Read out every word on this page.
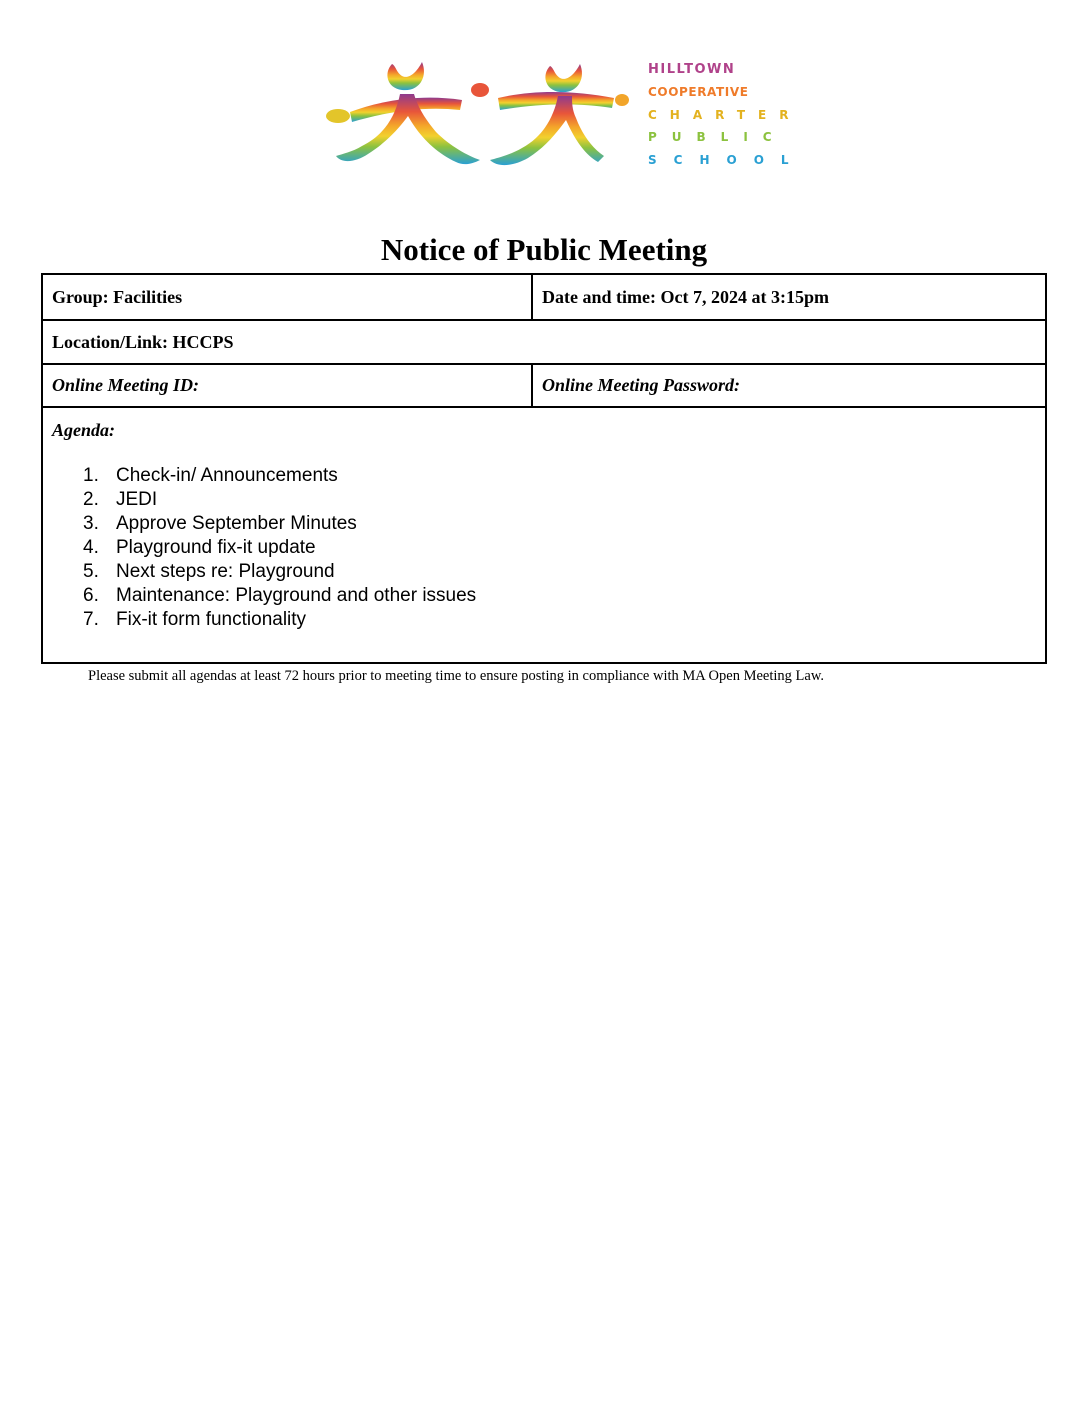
HILLTOWN
COOPERATIVE
CHARTER
PUBLIC
SCHOOL
Notice of Public Meeting
Group: Facilities	Date and time: Oct 7, 2024 at 3:15pm
Location/Link: HCCPS
Online Meeting ID:	Online Meeting Password:
Agenda:
1. Check-in/ Announcements
2. JEDI
3. Approve September Minutes
4. Playground fix-it update
5. Next steps re: Playground
6. Maintenance: Playground and other issues
7. Fix-it form functionality
Please submit all agendas at least 72 hours prior to meeting time to ensure posting in compliance with MA Open Meeting Law.
